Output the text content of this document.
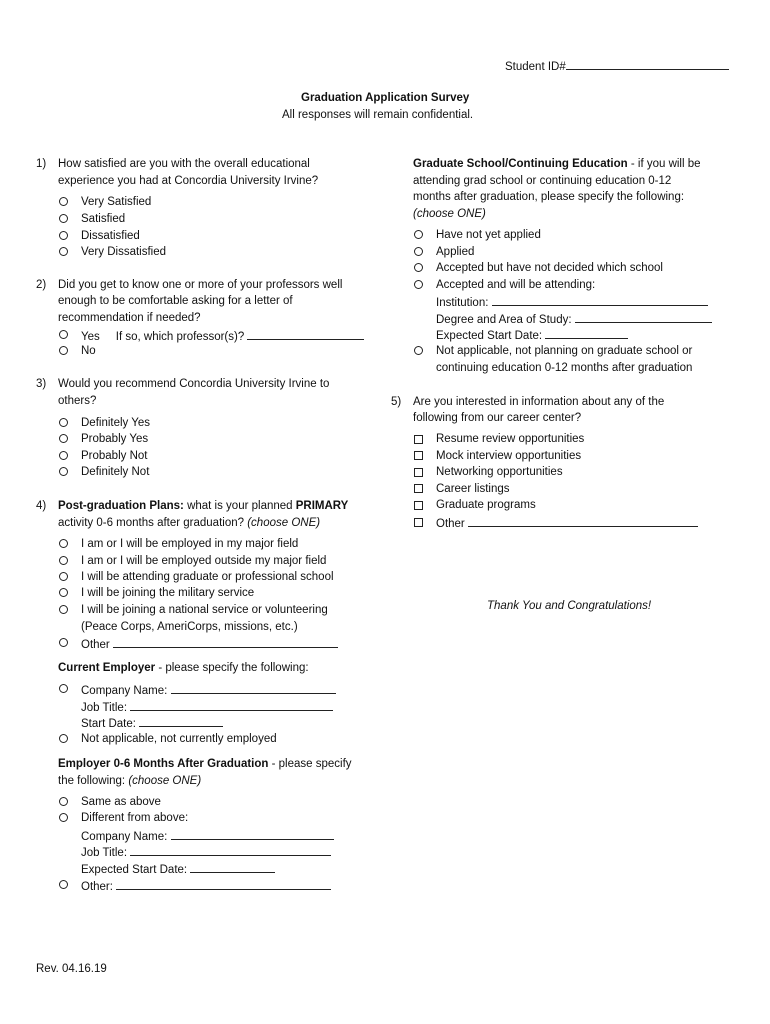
Student ID#
Graduation Application Survey
All responses will remain confidential.
1) How satisfied are you with the overall educational
experience you had at Concordia University Irvine?
Very Satisfied
Satisfied
Dissatisfied
Very Dissatisfied
2) Did you get to know one or more of your professors well
enough to be comfortable asking for a letter of
recommendation if needed?
Yes If so, which professor(s)?
No
3) Would you recommend Concordia University Irvine to
others?
Definitely Yes
Probably Yes
Probably Not
Definitely Not
4) Post-graduation Plans: what is your planned PRIMARY
activity 0-6 months after graduation? (choose ONE)
I am or I will be employed in my major field
I am or I will be employed outside my major field
I will be attending graduate or professional school
I will be joining the military service
I will be joining a national service or volunteering
(Peace Corps, AmeriCorps, missions, etc.)
Other
Current Employer - please specify the following:
Company Name:
Job Title:
Start Date:
Not applicable, not currently employed
Employer 0-6 Months After Graduation - please specify
the following: (choose ONE)
Same as above
Different from above:
Company Name:
Job Title:
Expected Start Date:
Other:
Graduate School/Continuing Education - if you will be
attending grad school or continuing education 0-12
months after graduation, please specify the following:
(choose ONE)
Have not yet applied
Applied
Accepted but have not decided which school
Accepted and will be attending:
Institution:
Degree and Area of Study:
Expected Start Date:
Not applicable, not planning on graduate school or
continuing education 0-12 months after graduation
5) Are you interested in information about any of the
following from our career center?
Resume review opportunities
Mock interview opportunities
Networking opportunities
Career listings
Graduate programs
Other
Thank You and Congratulations!
Rev. 04.16.19
